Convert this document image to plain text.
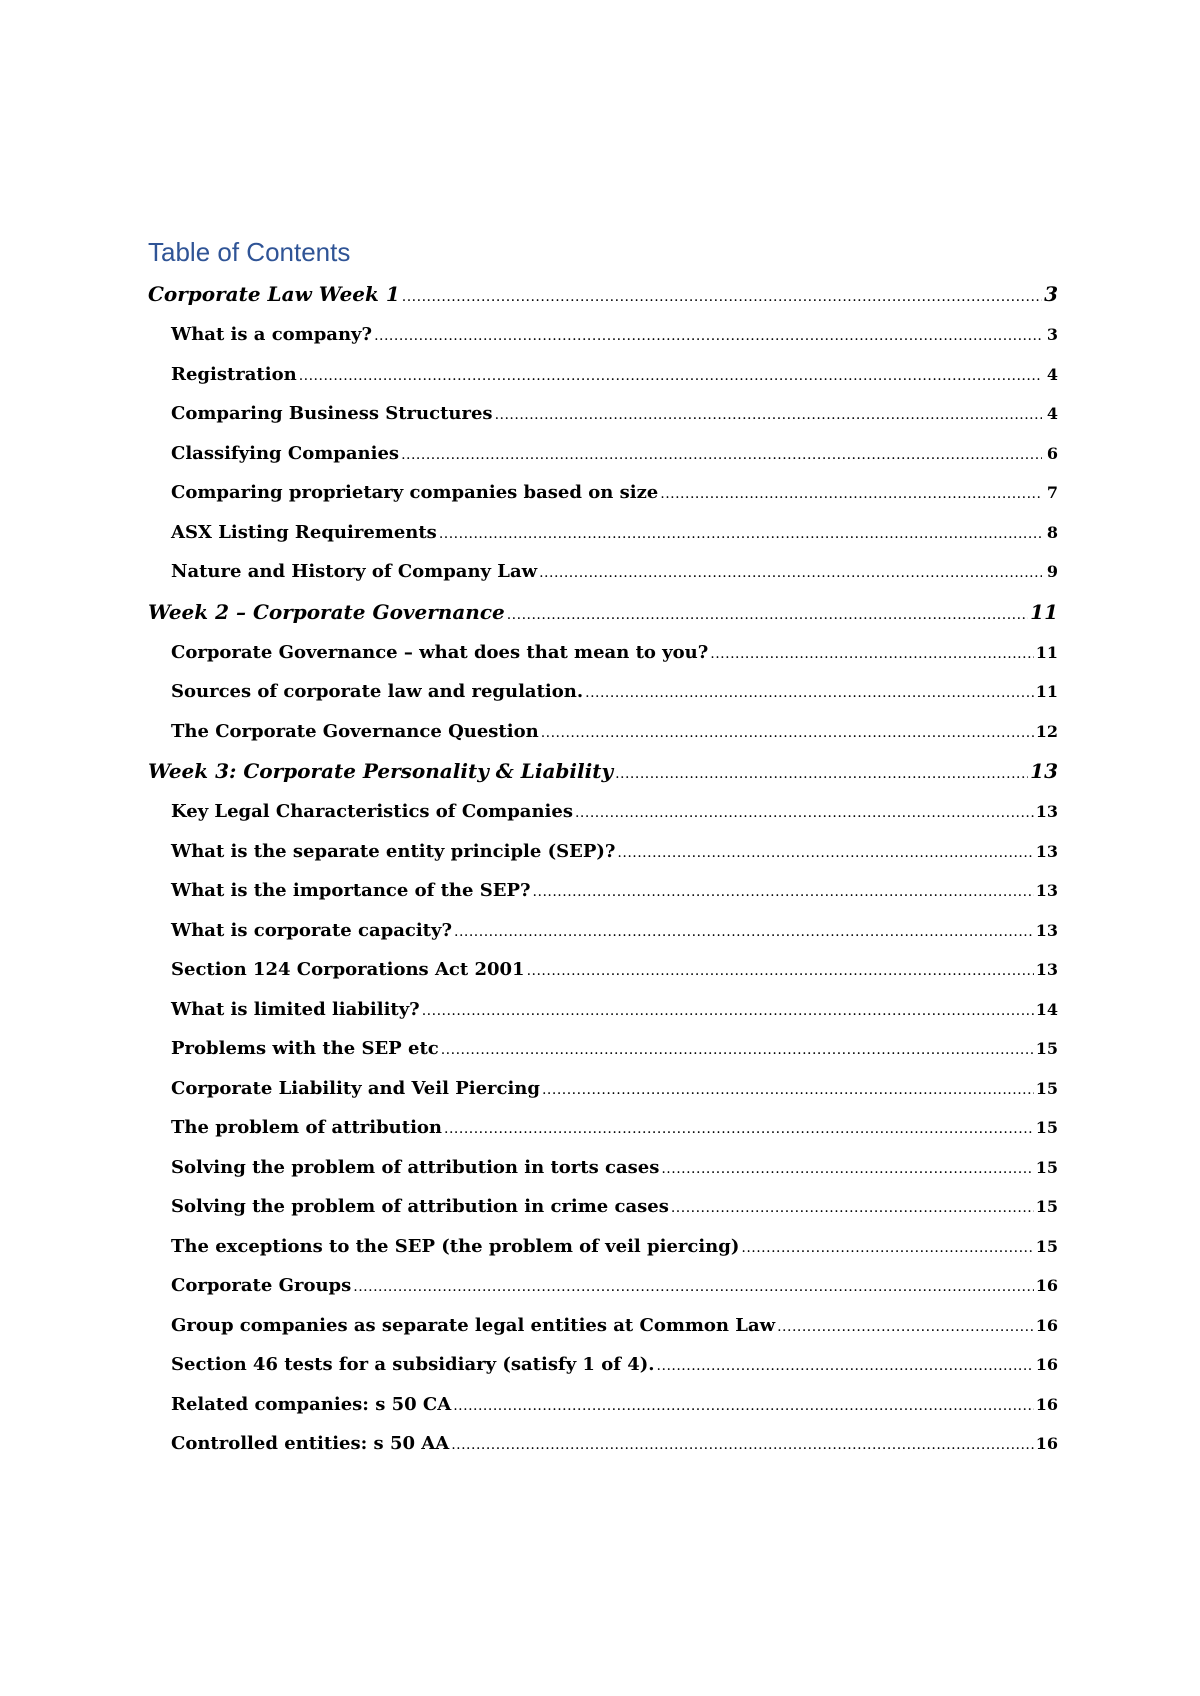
Table of Contents
Corporate Law Week 1 .....	3
What is a company? .....	3
Registration .....	4
Comparing Business Structures .....	4
Classifying Companies .....	6
Comparing proprietary companies based on size .....	7
ASX Listing Requirements .....	8
Nature and History of Company Law .....	9
Week 2 – Corporate Governance .....	11
Corporate Governance – what does that mean to you? .....	11
Sources of corporate law and regulation. .....	11
The Corporate Governance Question .....	12
Week 3: Corporate Personality & Liability .....	13
Key Legal Characteristics of Companies .....	13
What is the separate entity principle (SEP)? .....	13
What is the importance of the SEP? .....	13
What is corporate capacity? .....	13
Section 124 Corporations Act 2001 .....	13
What is limited liability? .....	14
Problems with the SEP etc .....	15
Corporate Liability and Veil Piercing .....	15
The problem of attribution .....	15
Solving the problem of attribution in torts cases .....	15
Solving the problem of attribution in crime cases .....	15
The exceptions to the SEP (the problem of veil piercing) .....	15
Corporate Groups .....	16
Group companies as separate legal entities at Common Law .....	16
Section 46 tests for a subsidiary (satisfy 1 of 4). .....	16
Related companies: s 50 CA .....	16
Controlled entities: s 50 AA .....	16
